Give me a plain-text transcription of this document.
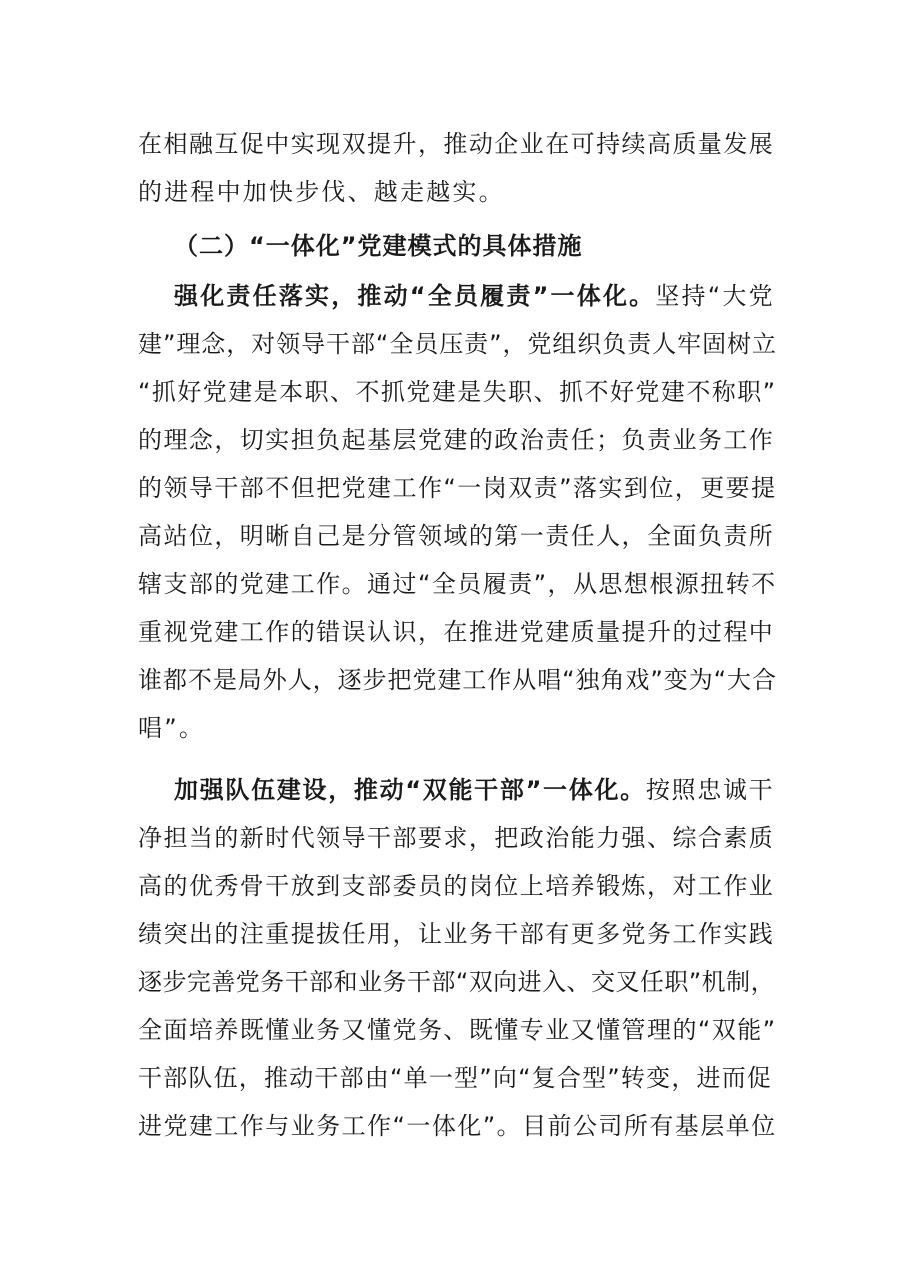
在相融互促中实现双提升，推动企业在可持续高质量发展
的进程中加快步伐、越走越实。
（二）“一体化”党建模式的具体措施
强化责任落实，推动“全员履责”一体化。坚持“大党
建”理念，对领导干部“全员压责”，党组织负责人牢固树立
“抓好党建是本职、不抓党建是失职、抓不好党建不称职”
的理念，切实担负起基层党建的政治责任；负责业务工作
的领导干部不但把党建工作“一岗双责”落实到位，更要提
高站位，明晰自己是分管领域的第一责任人，全面负责所
辖支部的党建工作。通过“全员履责”，从思想根源扭转不
重视党建工作的错误认识，在推进党建质量提升的过程中
谁都不是局外人，逐步把党建工作从唱“独角戏”变为“大合
唱”。
加强队伍建设，推动“双能干部”一体化。按照忠诚干
净担当的新时代领导干部要求，把政治能力强、综合素质
高的优秀骨干放到支部委员的岗位上培养锻炼，对工作业
绩突出的注重提拔任用，让业务干部有更多党务工作实践
逐步完善党务干部和业务干部“双向进入、交叉任职”机制，
全面培养既懂业务又懂党务、既懂专业又懂管理的“双能”
干部队伍，推动干部由“单一型”向“复合型”转变，进而促
进党建工作与业务工作“一体化”。目前公司所有基层单位
